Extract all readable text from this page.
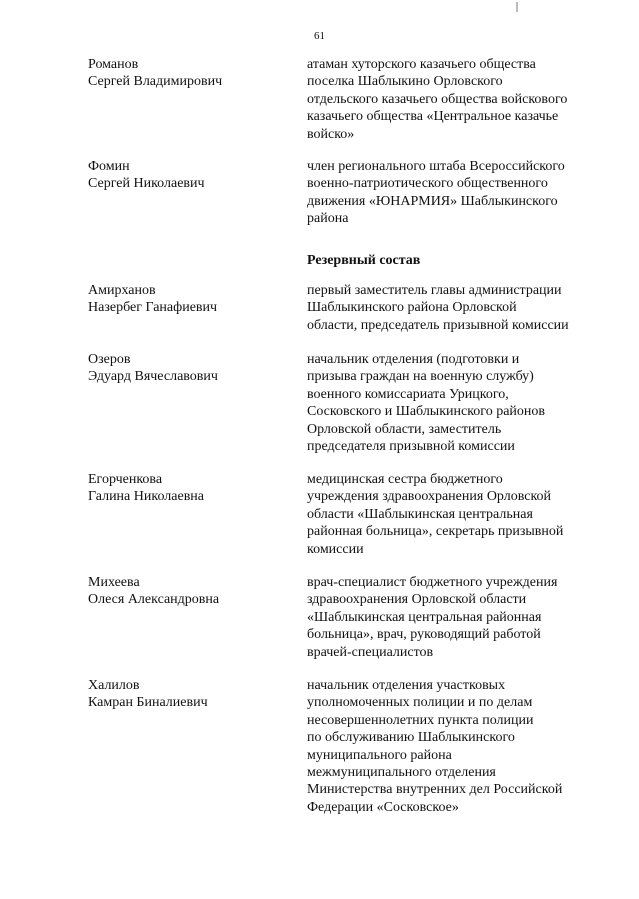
61
Романов
Сергей Владимирович
атаман хуторского казачьего общества
поселка Шаблыкино Орловского
отдельского казачьего общества войскового
казачьего общества «Центральное казачье
войско»
Фомин
Сергей Николаевич
член регионального штаба Всероссийского
военно-патриотического общественного
движения «ЮНАРМИЯ» Шаблыкинского
района
Резервный состав
Амирханов
Назербег Ганафиевич
первый заместитель главы администрации
Шаблыкинского района Орловской
области, председатель призывной комиссии
Озеров
Эдуард Вячеславович
начальник отделения (подготовки и
призыва граждан на военную службу)
военного комиссариата Урицкого,
Сосковского и Шаблыкинского районов
Орловской области, заместитель
председателя призывной комиссии
Егорченкова
Галина Николаевна
медицинская сестра бюджетного
учреждения здравоохранения Орловской
области «Шаблыкинская центральная
районная больница», секретарь призывной
комиссии
Михеева
Олеся Александровна
врач-специалист бюджетного учреждения
здравоохранения Орловской области
«Шаблыкинская центральная районная
больница», врач, руководящий работой
врачей-специалистов
Халилов
Камран Биналиевич
начальник отделения участковых
уполномоченных полиции и по делам
несовершеннолетних пункта полиции
по обслуживанию Шаблыкинского
муниципального района
межмуниципального отделения
Министерства внутренних дел Российской
Федерации «Сосковское»
